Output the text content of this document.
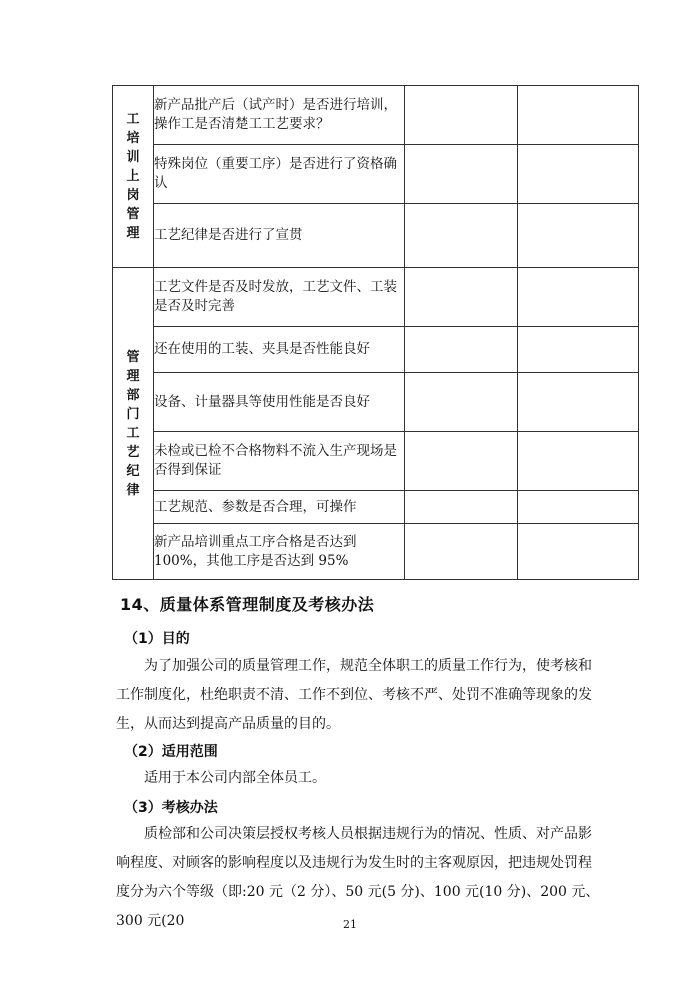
工培训上岗管理	新产品批产后（试产时）是否进行培训，操作工是否清楚工工艺要求？		
	特殊岗位（重要工序）是否进行了资格确认		
	工艺纪律是否进行了宣贯		
管理部门工艺纪律	工艺文件是否及时发放，工艺文件、工装是否及时完善		
	还在使用的工装、夹具是否性能良好		
	设备、计量器具等使用性能是否良好		
	未检或已检不合格物料不流入生产现场是否得到保证		
	工艺规范、参数是否合理，可操作		
	新产品培训重点工序合格是否达到100%，其他工序是否达到 95%		
14、质量体系管理制度及考核办法
（1）目的

为了加强公司的质量管理工作，规范全体职工的质量工作行为，使考核和工作制度化，杜绝职责不清、工作不到位、考核不严、处罚不准确等现象的发生，从而达到提高产品质量的目的。

（2）适用范围

适用于本公司内部全体员工。

（3）考核办法

质检部和公司决策层授权考核人员根据违规行为的情况、性质、对产品影响程度、对顾客的影响程度以及违规行为发生时的主客观原因，把违规处罚程度分为六个等级（即:20 元（2 分）、50 元(5 分)、100 元(10 分)、200 元、300 元(20	21
